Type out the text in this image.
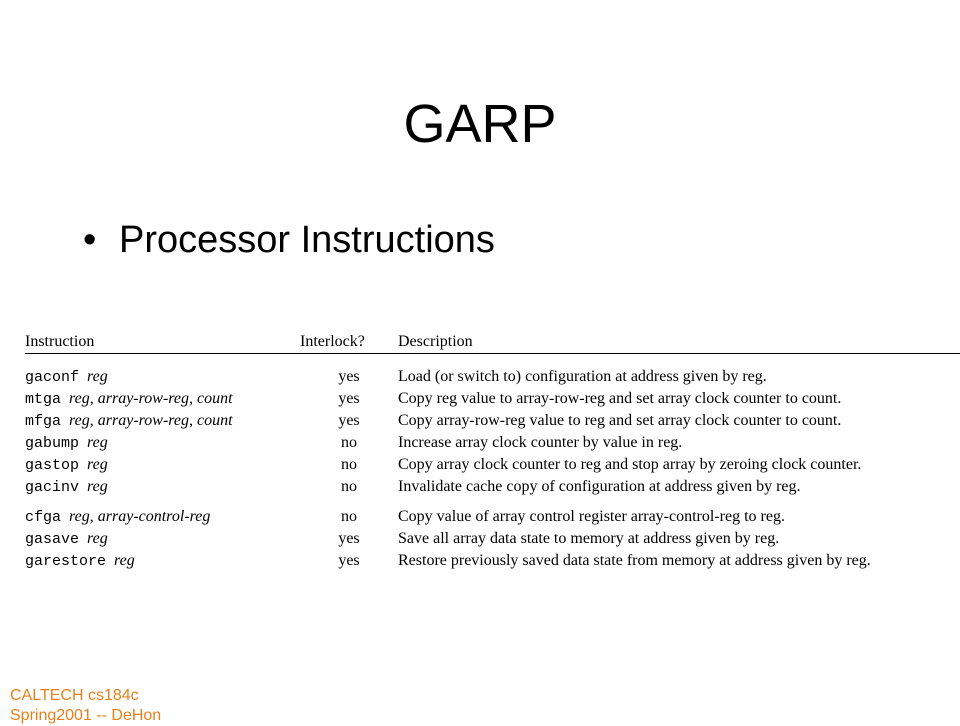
GARP
• Processor Instructions
Instruction	Interlock?	Description

gaconf reg	yes	Load (or switch to) configuration at address given by reg.
mtga reg, array-row-reg, count	yes	Copy reg value to array-row-reg and set array clock counter to count.
mfga reg, array-row-reg, count	yes	Copy array-row-reg value to reg and set array clock counter to count.
gabump reg	no	Increase array clock counter by value in reg.
gastop reg	no	Copy array clock counter to reg and stop array by zeroing clock counter.
gacinv reg	no	Invalidate cache copy of configuration at address given by reg.

cfga reg, array-control-reg	no	Copy value of array control register array-control-reg to reg.
gasave reg	yes	Save all array data state to memory at address given by reg.
garestore reg	yes	Restore previously saved data state from memory at address given by reg.
CALTECH cs184c
Spring2001 -- DeHon
